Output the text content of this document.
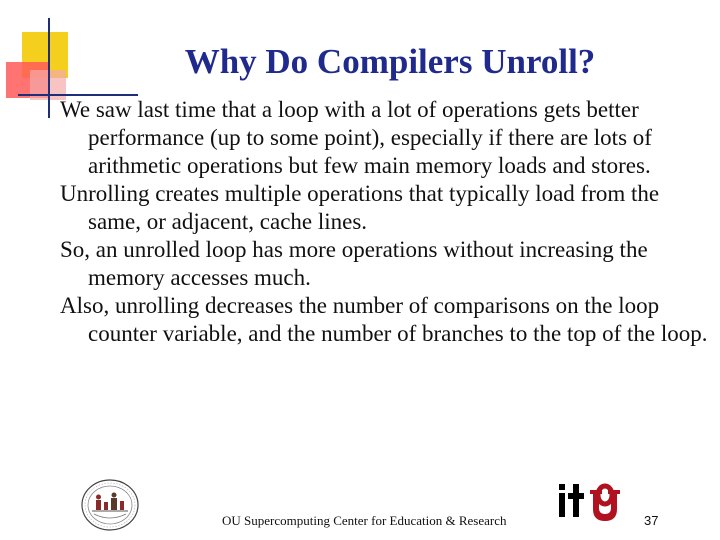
Why Do Compilers Unroll?
We saw last time that a loop with a lot of operations gets better performance (up to some point), especially if there are lots of arithmetic operations but few main memory loads and stores.
Unrolling creates multiple operations that typically load from the same, or adjacent, cache lines.
So, an unrolled loop has more operations without increasing the memory accesses much.
Also, unrolling decreases the number of comparisons on the loop counter variable, and the number of branches to the top of the loop.
OU Supercomputing Center for Education & Research	37
